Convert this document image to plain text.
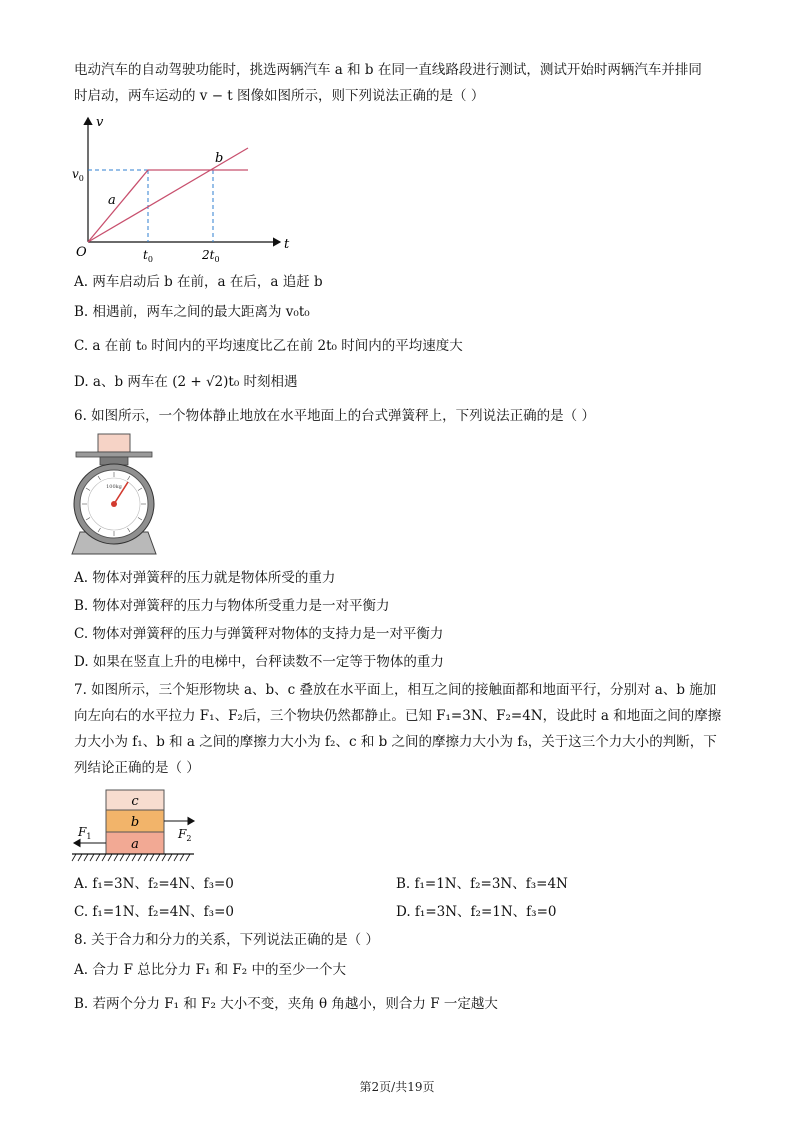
电动汽车的自动驾驶功能时，挑选两辆汽车 a 和 b 在同一直线路段进行测试，测试开始时两辆汽车并排同
时启动，两车运动的 v − t 图像如图所示，则下列说法正确的是（ ）
v
t
O
$v_0$
$t_0$	$2t_0$
a
b
A. 两车启动后 b 在前，a 在后，a 追赶 b
B. 相遇前，两车之间的最大距离为 v₀t₀
C. a 在前 t₀ 时间内的平均速度比乙在前 2t₀ 时间内的平均速度大
D. a、b 两车在 (2 + √2)t₀ 时刻相遇
6. 如图所示，一个物体静止地放在水平地面上的台式弹簧秤上，下列说法正确的是（ ）
100kg
A. 物体对弹簧秤的压力就是物体所受的重力
B. 物体对弹簧秤的压力与物体所受重力是一对平衡力
C. 物体对弹簧秤的压力与弹簧秤对物体的支持力是一对平衡力
D. 如果在竖直上升的电梯中，台秤读数不一定等于物体的重力
7. 如图所示，三个矩形物块 a、b、c 叠放在水平面上，相互之间的接触面都和地面平行，分别对 a、b 施加
向左向右的水平拉力 F₁、F₂后，三个物块仍然都静止。已知 F₁=3N、F₂=4N，设此时 a 和地面之间的摩擦
力大小为 f₁、b 和 a 之间的摩擦力大小为 f₂、c 和 b 之间的摩擦力大小为 f₃，关于这三个力大小的判断，下
列结论正确的是（ ）
c
b
a
$F_1$	$F_2$
A. f₁=3N、f₂=4N、f₃=0	B. f₁=1N、f₂=3N、f₃=4N
C. f₁=1N、f₂=4N、f₃=0	D. f₁=3N、f₂=1N、f₃=0
8. 关于合力和分力的关系，下列说法正确的是（ ）
A. 合力 F 总比分力 F₁ 和 F₂ 中的至少一个大
B. 若两个分力 F₁ 和 F₂ 大小不变，夹角 θ 角越小，则合力 F 一定越大
第2页/共19页
